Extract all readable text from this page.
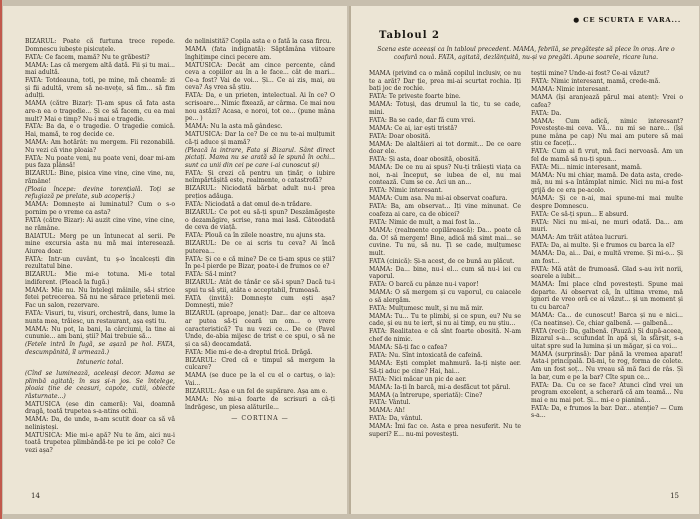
BIZARUL: Poate că furtuna trece repede. Domnescu iubește pisicuțele.

FATA: Ce facem, mamă? Nu te grăbesti?

MAMA: Las că mergem altă dată. Fii și tu mai... mai adultă.

FATA: Totdeauna, toți, pe mine, mă cheamă: zi și fii adultă, vrem să ne-nvețe, să fim... să fim adulți.

MAMA (către Bizar): Ți-am spus că fata asta are-n ea o tragedie... Și ce să facem, cu ea mai mult? Mai e timp? Nu-i mai e tragedie.

FATA: Ba da, e o tragedie. O tragedie comică. Hai, mamă, te rog decide ce.

MAMA: Am hotărât: nu mergem. Fii rezonabilă. Nu vezi că vine ploaia?

FATA: Nu poate veni, nu poate veni, doar mi-am pus faza plânsă!

BIZARUL: Bine, pisica vine vine, cine vine, nu, rămâne!

(Ploaia începe: devine torențială. Toți se refugiază pe prelate, sub acoperiș.)

MAMA: Domnește ai luminatul? Cum o s-o pornim pe o vreme ca asta?

FATA (către Bizar): Ai auzit cine vine, vine cine, ne rămâne.

BAIATUL: Merg pe un întunecat al serii. Pe mine excursia asta nu mă mai interesează. Aiurea doar.

FATA: Intr-un cuvânt, tu ș-o încalcești din rezultatul bine.

BIZARUL: Mie mi-e totuna. Mi-e total indiferent. (Pleacă la fugă.)

MAMA: Mie nu. Nu înțelegi mâinile, să-i strice fetei petrecerea. Să nu ne sărace prietenii mei. Fac un salon, rezervare.

FATA: Visuri, tu, visuri, orchestră, dans, lume la nunta mea, trăiesc, un restaurant, așa ești tu.

MAMA: Nu pot, la bani, la cârciumi, la tine ai cununie... am bani, știi? Mai trebuie să...

(Fetele intră în fugă, se așază pe hol. FATA, descumpănită, îl urmează.)

Intuneric total.

(Cînd se luminează, aceleași decor. Mama se plimbă agitată; în sus și-n jos. Se înțelege, ploaia ține de ceasuri, capote, cutii, obiecte răsturnate...)

MATUSICA (ese din cameră): Vai, doamnă dragă, toată trupetea s-a-ntins ochii.

MAMA: Da, de unde, n-am scutit doar ca să vă nelinișteși.

MATUSICA: Mie mi-e apă? Nu te ăm, aici nu-i toată trupetea plimbândă-te pe ici pe colo? Ce vezi așa?

de nelinistită? Copila asta e o fată la casa fircu.

MAMA (fata indignată): Săptămâna viitoare înghițimpe cinci pecere am.

MATUSICA: Decât am cince percente, când ceva a copiilor au în a le face... cât de mari... Ce-a fost? Vai de voi... Și... Ce ai zis, mai, au ceva? Aș vrea să știu.

FATA: Da, e un prieten, intelectual. Ai în ce? O scrisoare... Nimic fixează, ar cârma. Ce mai nou nou astăzi? Acasa, e noroi, tot ce... (pune mâna pe... )

MAMA: Nu la asta mă gândesc.

MATUSICA: Dar la ce? De ce nu te-ai mulțumit că-ți aduce și mamă?

(Pleacă la intrare, Fata și Bizarul. Sânt direct pictați. Mama nu se arată să le spună în ochi... sunt ca unii din cei pe care i-ai cunoscut și)

FATA: Și crezi că pentru un ținăr, o iubire neîmpărtășită este, realmente, o catastrofă?

BIZARUL: Niciodată bărbat adult nu-i prea prețios adăuga.

FATA: Niciodată a dat omul de-n trădare.

BIZARUL: Ce pot eu să-ți spun? Deszâmăgește o dezamăgire, scrise, rana mai lasă. Câteodată de ceva de viață.

FATA: Plouă ca în zilele noastre, nu ajuns sta.

BIZARUL: De ce ai scris tu ceva? Ai încă puterea...

FATA: Și ce e că mine? De ce ți-am spus ce știi? În pe-l pierde pe Bizar, poate-i de frumos ce e?

FATA: Să-l mint?

BIZARUL: Atât de tânăr ce să-i spun? Dacă tu-i spui tu să știi, atâta e acceptabil, frumoasă.

FATA (invită): Domnește cum ești așa? Domnești, mie?

BIZARUL (aproape, jenat): Dar... dar ce altceva ar putea să-ți ceară un om... o vrere caracteristică? Tu nu vezi ce... De ce (Pavel Unde, de-abia mijesc de trist e ce spui, o să ne și ca să) deocamdată.

FATA: Mie mi-e de-a dreptul frică. Drăgă.

BIZARUL: Cred că e timpul să mergem la culcare?

MAMA (se duce pe la el cu el o cartuș, o ia): Vai...

BIZARUL: Așa e un fel de supărare. Așa am e.

MAMA: No mi-a foarte de scrisuri a câ-ți îndrăgesc, un piesa alăturile...

— CORTINA —

14
● CE SCURTA E VARA...
Tabloul 2
Scena este aceeași ca în tabloul precedent. MAMA, febrilă, se pregătește să plece în oraș. Are o coafură nouă. FATA, agitată, dezlănțuită, nu-și va pregăti. Apune soarele, ricare luna.

MAMA (privind ca o mână copilul inclusiv, ce nu te a arăt? Dar ție, prea mi-ai scurtat rochia. Iți bați joc de rochie.

FATA: Te priveste foarte bine.

MAMA: Totuși, das drumul la tic, tu se cade, mini.

FATA: Ba se cade, dar fă cum vrei.

MAMA: Ce ai, iar ești tristă?

FATA: Doar obosită.

MAMA: De alaltăieri ai tot dormit... De ce oare doar ele.

FATA: Și asta, doar obosită, obosită.

MAMA: De ce nu ai spus? Nu-ți trăiești viața ca noi, n-ai început, se iubea de el, nu mai contează. Cum se ce. Aci un an...

FATA: Nimic interesant.

MAMA: Cum asa. Nu mi-ai observat coafura.

FATA: Ba, am observat... Iți vine minunat. Ce coafeza ai care, ca de obicei?

FATA: Nimic de mult, a mai fost la...

MAMA: (realmente copilărească): Da... poate că da. O! să mergem! Bine, adică mă simt mai... se cuvine. Tu nu, să nu. Ți se cade, mulțumesc mult.

FATA (cinică): Și-n acest, de ce bună au plăcut.

MAMA: Da... bine, nu-i el... cum să nu-i iei cu vaporul.

FATA: O barcă cu pânze nu-i vapor!

MAMA: O să mergem și cu vaporul, cu caiacele o să alergăm.

FATA: Mulțumesc mult, și nu mă mir.

MAMA: Tu... Tu te plimbi, și ce spun, eu? Nu se cade, și eu nu te iert, și nu ai timp, eu nu știu...

FATA: Realitatea e că sînt foarte obosită. N-am chef de nimic.

MAMA: Să-ți fac o cafea?

FATA: Nu. Sînt intoxicată de cafeină.

MAMA: Ești complet mahmură. Ia-ți niște aer. Să-ți aduc pe cine? Hai, hai...

FATA: Nici măcar un pic de aer.

MAMA: Ia-ți în barcă, mi-a desfăcut tot părul.

MAMA (a întrerupe, speriată): Cine?

FATA: Vântul.

MAMA: Ah!

FATA: Da, vântul.

MAMA: Îmi fac ce. Asta e prea nesuferit. Nu te superi? E... nu-mi povestești.

teștii mine? Unde-ai fost? Ce-ai văzut?

FATA: Nimic interesant, mamă, crede-mă.

MAMA: Nimic interesant.

MAMA (își aranjează părul mai atent): Vrei o cafea?

FATA: Da.

MAMA: Cum adică, nimic interesant? Povestește-mi ceva. Vă... nu mi se nare... (își pune mâna pe cap) Nu mai am putere să mai știu ce faceți...

FATA: Cum ai fi vrut, mă faci nervoasă. Am un fel de mamă să nu-ți spun...

FATA: Mi... nimic interesant, mamă.

MAMA: Nu mi chiar, mamă. De data asta, crede-mă, nu mi s-a întâmplat nimic. Nici nu mi-a fost grijă de ce era pe-acolo.

MAMA: Și ce n-ai, mai spune-mi mai multe despre Domnescu.

FATA: Ce să-ți spun... E absurd.

FATA: Nici nu mi-ai, ne muri odată. Da... am muri.

MAMA: Am trăit atâtea lucruri.

FATA: Da, ai multe. Și e frumos cu barca la el?

MAMA: Da, ai... Dai, e multă vreme. Și mi-o... Și am fost...

FATA: Mă atât de frumoasă. Glad s-au ivit norii, soarele a iubit...

MAMA: Îmi place cînd povestești. Spune mai departe. Ai observat că, în ultima vreme, mă ignori de vreo oră ce ai văzut... și un moment și tu cu barca?

MAMA: Ca... de cunoscut! Barca și nu e nici... (Ca neatinse). Ce, chiar galbenă. — galbenă...

FATA (reci): Da, galbenă. (Pauză.) Și după-aceea, Bizarul s-a... scufundat în apă și, la sfârșit, s-a uitat spre sud la lumina și un măgar, și ca voi...

MAMA (surprinsă): Dar până la vremea aparat! Asta-i principală. Dă-mi, te rog, forma de colete. Am un fost soț... Nu vreau să mă faci de râs. Și la bar, cum e pe la bar? Cîte spun ce...

FATA: Da. Cu ce se face? Atunci cînd vrei un program excelent, a scherară că am teamă... Nu mai e nu mai pot. Și... mi-e o pianină...

FATA: Da, e frumos la bar. Dar... atenție? — Cum s-a...

15
